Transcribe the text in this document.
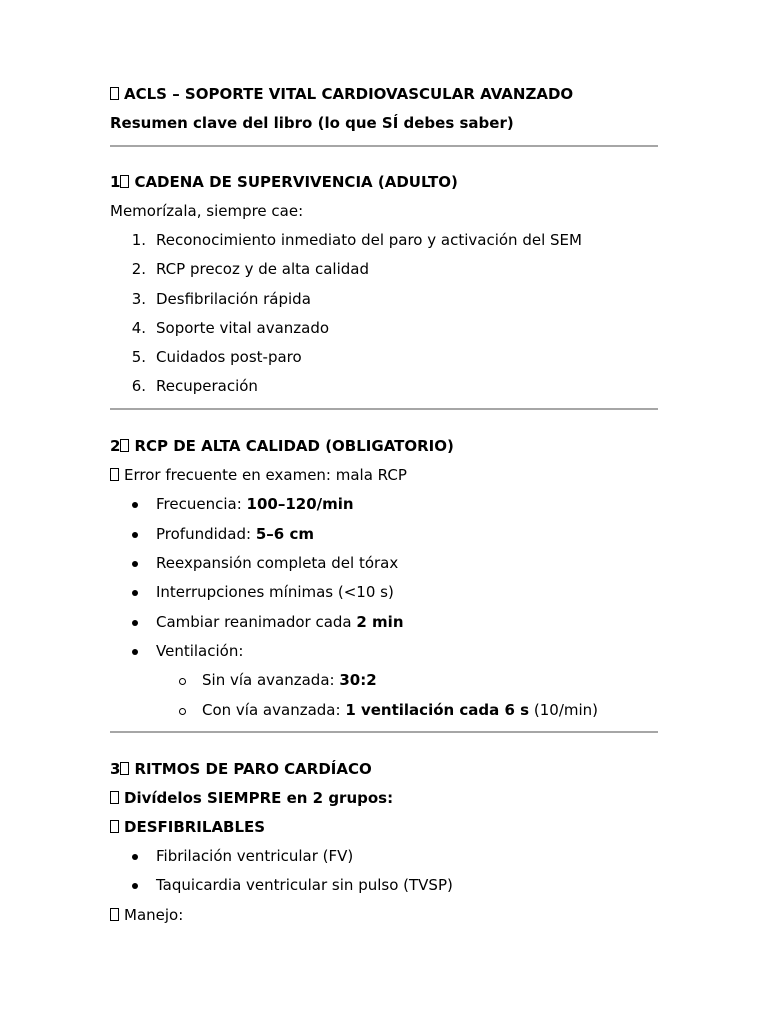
ACLS – SOPORTE VITAL CARDIOVASCULAR AVANZADO
Resumen clave del libro (lo que SÍ debes saber)
1 CADENA DE SUPERVIVENCIA (ADULTO)
Memorízala, siempre cae:
1. Reconocimiento inmediato del paro y activación del SEM
2. RCP precoz y de alta calidad
3. Desfibrilación rápida
4. Soporte vital avanzado
5. Cuidados post-paro
6. Recuperación
2 RCP DE ALTA CALIDAD (OBLIGATORIO)
Error frecuente en examen: mala RCP
Frecuencia: 100–120/min
Profundidad: 5–6 cm
Reexpansión completa del tórax
Interrupciones mínimas (<10 s)
Cambiar reanimador cada 2 min
Ventilación:
Sin vía avanzada: 30:2
Con vía avanzada: 1 ventilación cada 6 s (10/min)
3 RITMOS DE PARO CARDÍACO
Divídelos SIEMPRE en 2 grupos:
DESFIBRILABLES
Fibrilación ventricular (FV)
Taquicardia ventricular sin pulso (TVSP)
Manejo:
